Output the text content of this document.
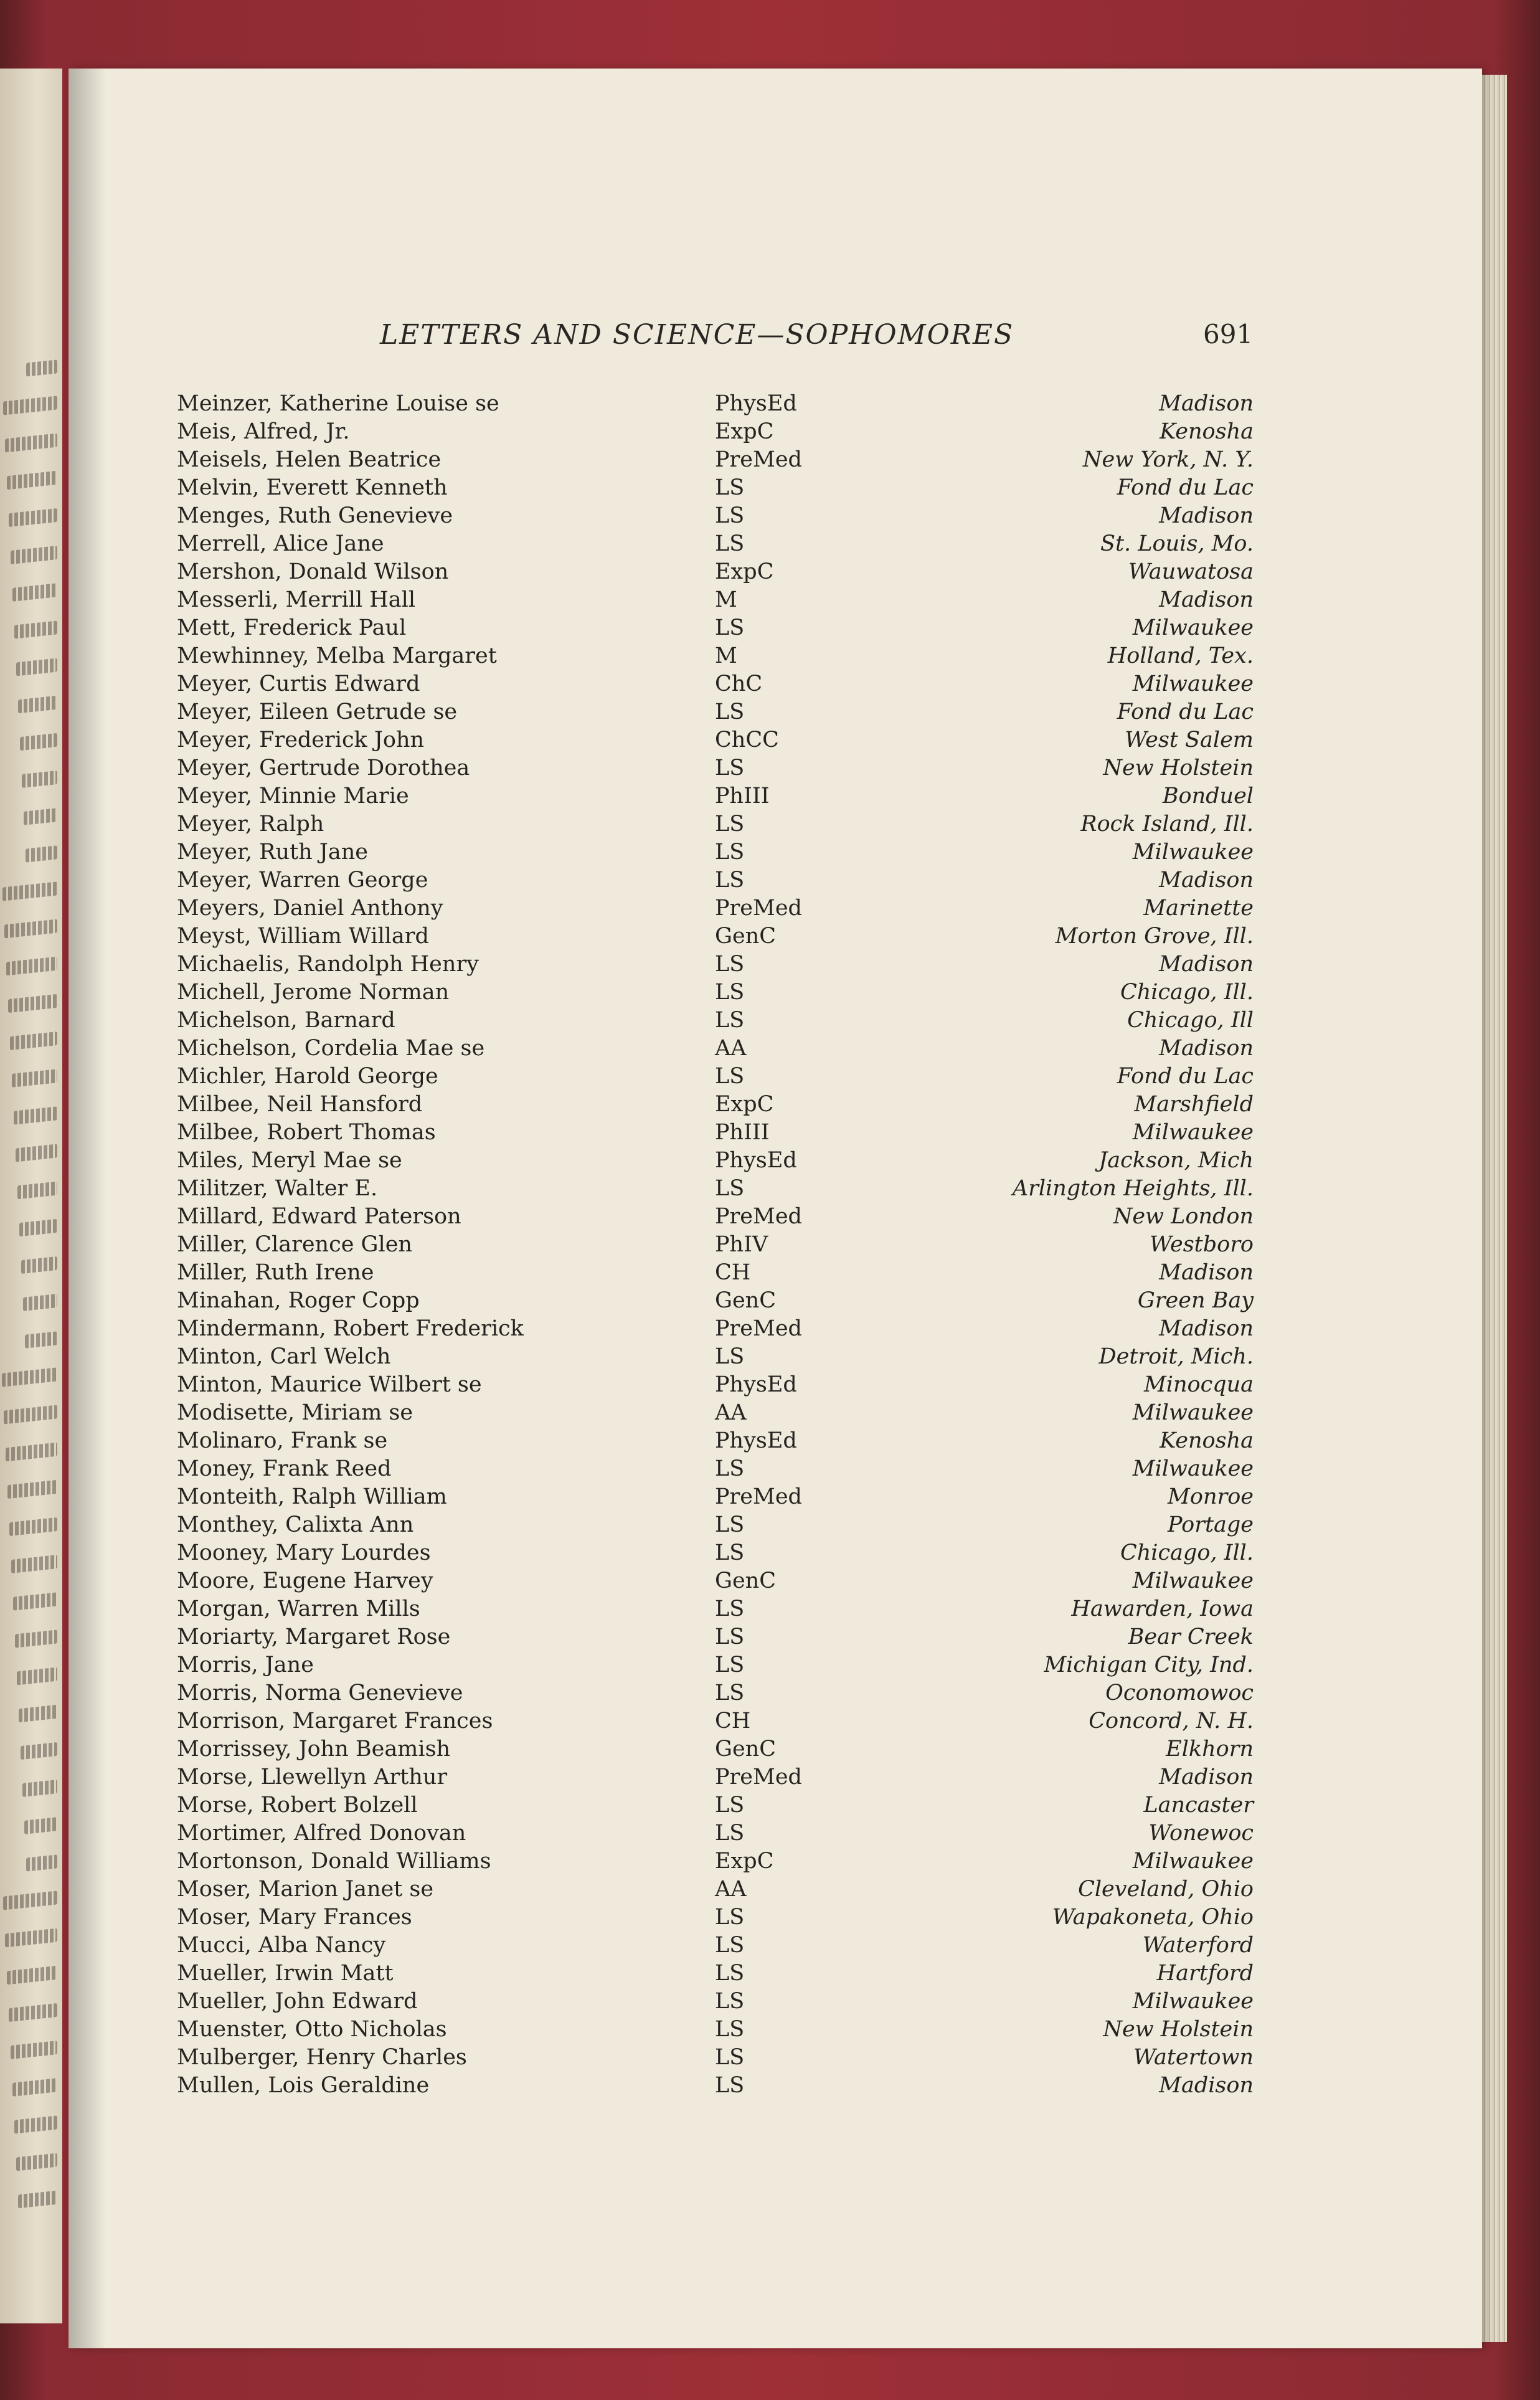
LETTERS AND SCIENCE—SOPHOMORES	691
Meinzer, Katherine Louise se	PhysEd	Madison
Meis, Alfred, Jr.	ExpC	Kenosha
Meisels, Helen Beatrice	PreMed	New York, N. Y.
Melvin, Everett Kenneth	LS	Fond du Lac
Menges, Ruth Genevieve	LS	Madison
Merrell, Alice Jane	LS	St. Louis, Mo.
Mershon, Donald Wilson	ExpC	Wauwatosa
Messerli, Merrill Hall	M	Madison
Mett, Frederick Paul	LS	Milwaukee
Mewhinney, Melba Margaret	M	Holland, Tex.
Meyer, Curtis Edward	ChC	Milwaukee
Meyer, Eileen Getrude se	LS	Fond du Lac
Meyer, Frederick John	ChCC	West Salem
Meyer, Gertrude Dorothea	LS	New Holstein
Meyer, Minnie Marie	PhIII	Bonduel
Meyer, Ralph	LS	Rock Island, Ill.
Meyer, Ruth Jane	LS	Milwaukee
Meyer, Warren George	LS	Madison
Meyers, Daniel Anthony	PreMed	Marinette
Meyst, William Willard	GenC	Morton Grove, Ill.
Michaelis, Randolph Henry	LS	Madison
Michell, Jerome Norman	LS	Chicago, Ill.
Michelson, Barnard	LS	Chicago, Ill
Michelson, Cordelia Mae se	AA	Madison
Michler, Harold George	LS	Fond du Lac
Milbee, Neil Hansford	ExpC	Marshfield
Milbee, Robert Thomas	PhIII	Milwaukee
Miles, Meryl Mae se	PhysEd	Jackson, Mich
Militzer, Walter E.	LS	Arlington Heights, Ill.
Millard, Edward Paterson	PreMed	New London
Miller, Clarence Glen	PhIV	Westboro
Miller, Ruth Irene	CH	Madison
Minahan, Roger Copp	GenC	Green Bay
Mindermann, Robert Frederick	PreMed	Madison
Minton, Carl Welch	LS	Detroit, Mich.
Minton, Maurice Wilbert se	PhysEd	Minocqua
Modisette, Miriam se	AA	Milwaukee
Molinaro, Frank se	PhysEd	Kenosha
Money, Frank Reed	LS	Milwaukee
Monteith, Ralph William	PreMed	Monroe
Monthey, Calixta Ann	LS	Portage
Mooney, Mary Lourdes	LS	Chicago, Ill.
Moore, Eugene Harvey	GenC	Milwaukee
Morgan, Warren Mills	LS	Hawarden, Iowa
Moriarty, Margaret Rose	LS	Bear Creek
Morris, Jane	LS	Michigan City, Ind.
Morris, Norma Genevieve	LS	Oconomowoc
Morrison, Margaret Frances	CH	Concord, N. H.
Morrissey, John Beamish	GenC	Elkhorn
Morse, Llewellyn Arthur	PreMed	Madison
Morse, Robert Bolzell	LS	Lancaster
Mortimer, Alfred Donovan	LS	Wonewoc
Mortonson, Donald Williams	ExpC	Milwaukee
Moser, Marion Janet se	AA	Cleveland, Ohio
Moser, Mary Frances	LS	Wapakoneta, Ohio
Mucci, Alba Nancy	LS	Waterford
Mueller, Irwin Matt	LS	Hartford
Mueller, John Edward	LS	Milwaukee
Muenster, Otto Nicholas	LS	New Holstein
Mulberger, Henry Charles	LS	Watertown
Mullen, Lois Geraldine	LS	Madison
